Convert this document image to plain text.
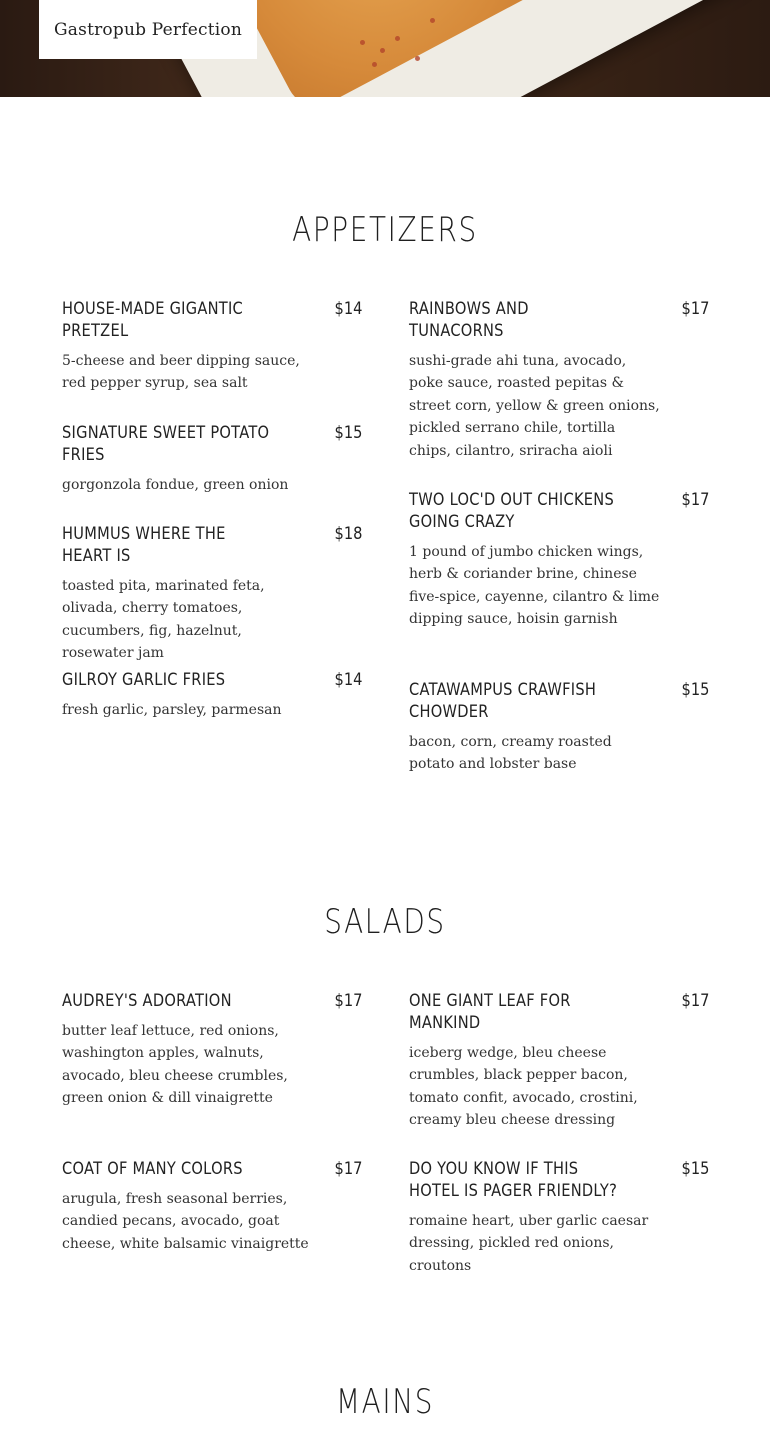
Gastropub Perfection
APPETIZERS
HOUSE-MADE GIGANTIC PRETZEL
$14
5-cheese and beer dipping sauce, red pepper syrup, sea salt
SIGNATURE SWEET POTATO FRIES
$15
gorgonzola fondue, green onion
HUMMUS WHERE THE HEART IS
$18
toasted pita, marinated feta, olivada, cherry tomatoes, cucumbers, fig, hazelnut, rosewater jam
GILROY GARLIC FRIES	$14
fresh garlic, parsley, parmesan
RAINBOWS AND TUNACORNS
$17
sushi-grade ahi tuna, avocado, poke sauce, roasted pepitas & street corn, yellow & green onions, pickled serrano chile, tortilla chips, cilantro, sriracha aioli
TWO LOC'D OUT CHICKENS GOING CRAZY
$17
1 pound of jumbo chicken wings, herb & coriander brine, chinese five-spice, cayenne, cilantro & lime dipping sauce, hoisin garnish
CATAWAMPUS CRAWFISH CHOWDER
$15
bacon, corn, creamy roasted potato and lobster base
SALADS
AUDREY'S ADORATION	$17
butter leaf lettuce, red onions, washington apples, walnuts, avocado, bleu cheese crumbles, green onion & dill vinaigrette
COAT OF MANY COLORS	$17
arugula, fresh seasonal berries, candied pecans, avocado, goat cheese, white balsamic vinaigrette
ONE GIANT LEAF FOR MANKIND
$17
iceberg wedge, bleu cheese crumbles, black pepper bacon, tomato confit, avocado, crostini, creamy bleu cheese dressing
DO YOU KNOW IF THIS HOTEL IS PAGER FRIENDLY?
$15
romaine heart, uber garlic caesar dressing, pickled red onions, croutons
MAINS
